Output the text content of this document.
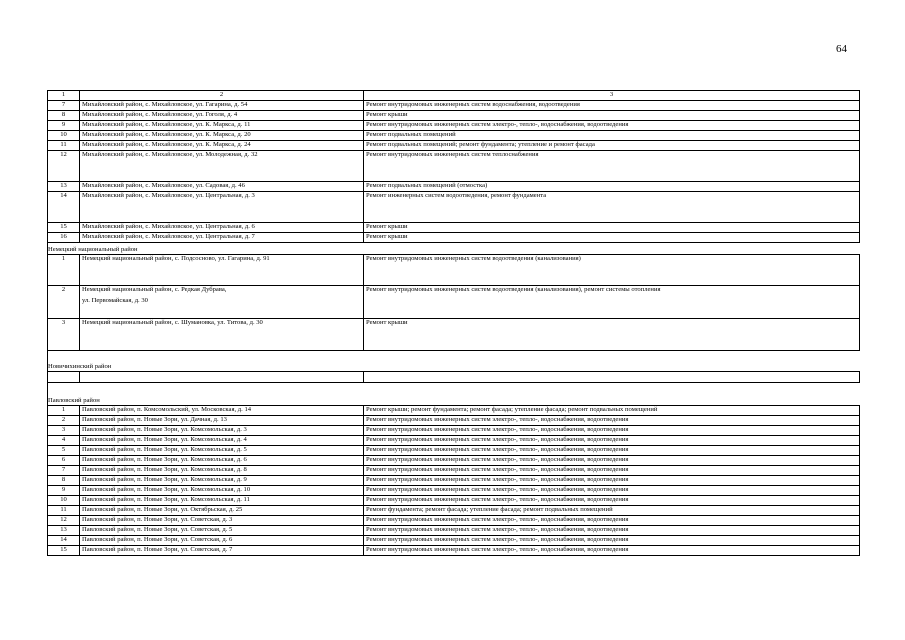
64
1	2	3
7	Михайловский район, с. Михайловское, ул. Гагарина, д. 54	Ремонт внутридомовых инженерных систем водоснабжения, водоотведения
8	Михайловский район, с. Михайловское, ул. Гоголя, д. 4	Ремонт крыши
9	Михайловский район, с. Михайловское, ул. К. Маркса, д. 11	Ремонт внутридомовых инженерных систем электро-, тепло-, водоснабжения, водоотведения
10	Михайловский район, с. Михайловское, ул. К. Маркса, д. 20	Ремонт подвальных помещений
11	Михайловский район, с. Михайловское, ул. К. Маркса, д. 24	Ремонт подвальных помещений; ремонт фундамента; утепление и ремонт фасада
12	Михайловский район, с. Михайловское, ул. Молодежная, д. 32	Ремонт внутридомовых инженерных систем теплоснабжения
13	Михайловский район, с. Михайловское, ул. Садовая, д. 46	Ремонт подвальных помещений (отмостка)
14	Михайловский район, с. Михайловское, ул. Центральная, д. 3	Ремонт инженерных систем водоотведения, ремонт фундамента
15	Михайловский район, с. Михайловское, ул. Центральная, д. 6	Ремонт крыши
16	Михайловский район, с. Михайловское, ул. Центральная, д. 7	Ремонт крыши
Немецкий национальный район		
1	Немецкий национальный район, с. Подсосново, ул. Гагарина, д. 91	Ремонт внутридомовых инженерных систем водоотведения (канализования)
2	Немецкий национальный район, с. Редкая Дубрава,
ул. Первомайская, д. 30	Ремонт внутридомовых инженерных систем водоотведения (канализования), ремонт системы отопления
3	Немецкий национальный район, с. Шумановка, ул. Титова, д. 30	Ремонт крыши
Новичихинский район		

Павловский район		
1	Павловский район, п. Комсомольский, ул. Московская, д. 14	Ремонт крыши; ремонт фундамента; ремонт фасада; утепление фасада; ремонт подвальных помещений
2	Павловский район, п. Новые Зори, ул. Дачная, д. 13	Ремонт внутридомовых инженерных систем электро-, тепло-, водоснабжения, водоотведения
3	Павловский район, п. Новые Зори, ул. Комсомольская, д. 3	Ремонт внутридомовых инженерных систем электро-, тепло-, водоснабжения, водоотведения
4	Павловский район, п. Новые Зори, ул. Комсомольская, д. 4	Ремонт внутридомовых инженерных систем электро-, тепло-, водоснабжения, водоотведения
5	Павловский район, п. Новые Зори, ул. Комсомольская, д. 5	Ремонт внутридомовых инженерных систем электро-, тепло-, водоснабжения, водоотведения
6	Павловский район, п. Новые Зори, ул. Комсомольская, д. 6	Ремонт внутридомовых инженерных систем электро-, тепло-, водоснабжения, водоотведения
7	Павловский район, п. Новые Зори, ул. Комсомольская, д. 8	Ремонт внутридомовых инженерных систем электро-, тепло-, водоснабжения, водоотведения
8	Павловский район, п. Новые Зори, ул. Комсомольская, д. 9	Ремонт внутридомовых инженерных систем электро-, тепло-, водоснабжения, водоотведения
9	Павловский район, п. Новые Зори, ул. Комсомольская, д. 10	Ремонт внутридомовых инженерных систем электро-, тепло-, водоснабжения, водоотведения
10	Павловский район, п. Новые Зори, ул. Комсомольская, д. 11	Ремонт внутридомовых инженерных систем электро-, тепло-, водоснабжения, водоотведения
11	Павловский район, п. Новые Зори, ул. Октябрьская, д. 25	Ремонт фундамента; ремонт фасада; утепление фасада; ремонт подвальных помещений
12	Павловский район, п. Новые Зори, ул. Советская, д. 3	Ремонт внутридомовых инженерных систем электро-, тепло-, водоснабжения, водоотведения
13	Павловский район, п. Новые Зори, ул. Советская, д. 5	Ремонт внутридомовых инженерных систем электро-, тепло-, водоснабжения, водоотведения
14	Павловский район, п. Новые Зори, ул. Советская, д. 6	Ремонт внутридомовых инженерных систем электро-, тепло-, водоснабжения, водоотведения
15	Павловский район, п. Новые Зори, ул. Советская, д. 7	Ремонт внутридомовых инженерных систем электро-, тепло-, водоснабжения, водоотведения
